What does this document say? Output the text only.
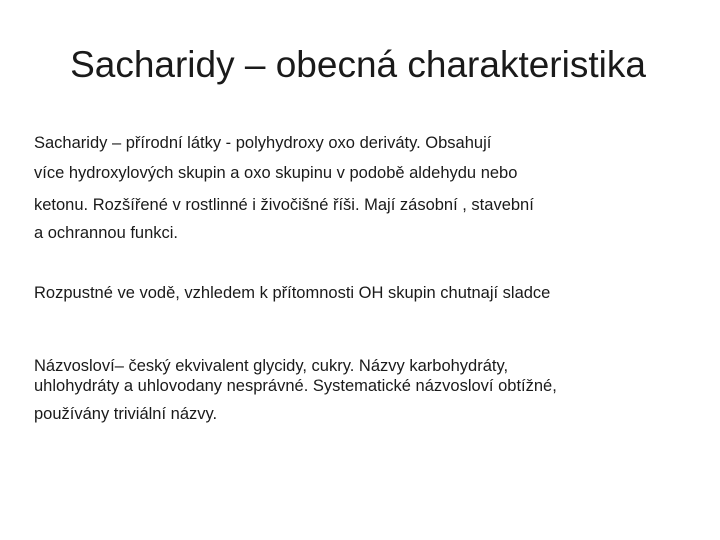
Sacharidy – obecná charakteristika
Sacharidy – přírodní látky - polyhydroxy oxo deriváty. Obsahují
více hydroxylových skupin a oxo skupinu v podobě aldehydu nebo
ketonu. Rozšířené v rostlinné i živočišné říši. Mají zásobní , stavební
a ochrannou funkci.
Rozpustné ve vodě, vzhledem k přítomnosti OH skupin chutnají sladce
Názvosloví– český ekvivalent glycidy, cukry. Názvy karbohydráty,
uhlohydráty a uhlovodany nesprávné. Systematické názvosloví obtížné,
používány triviální názvy.
